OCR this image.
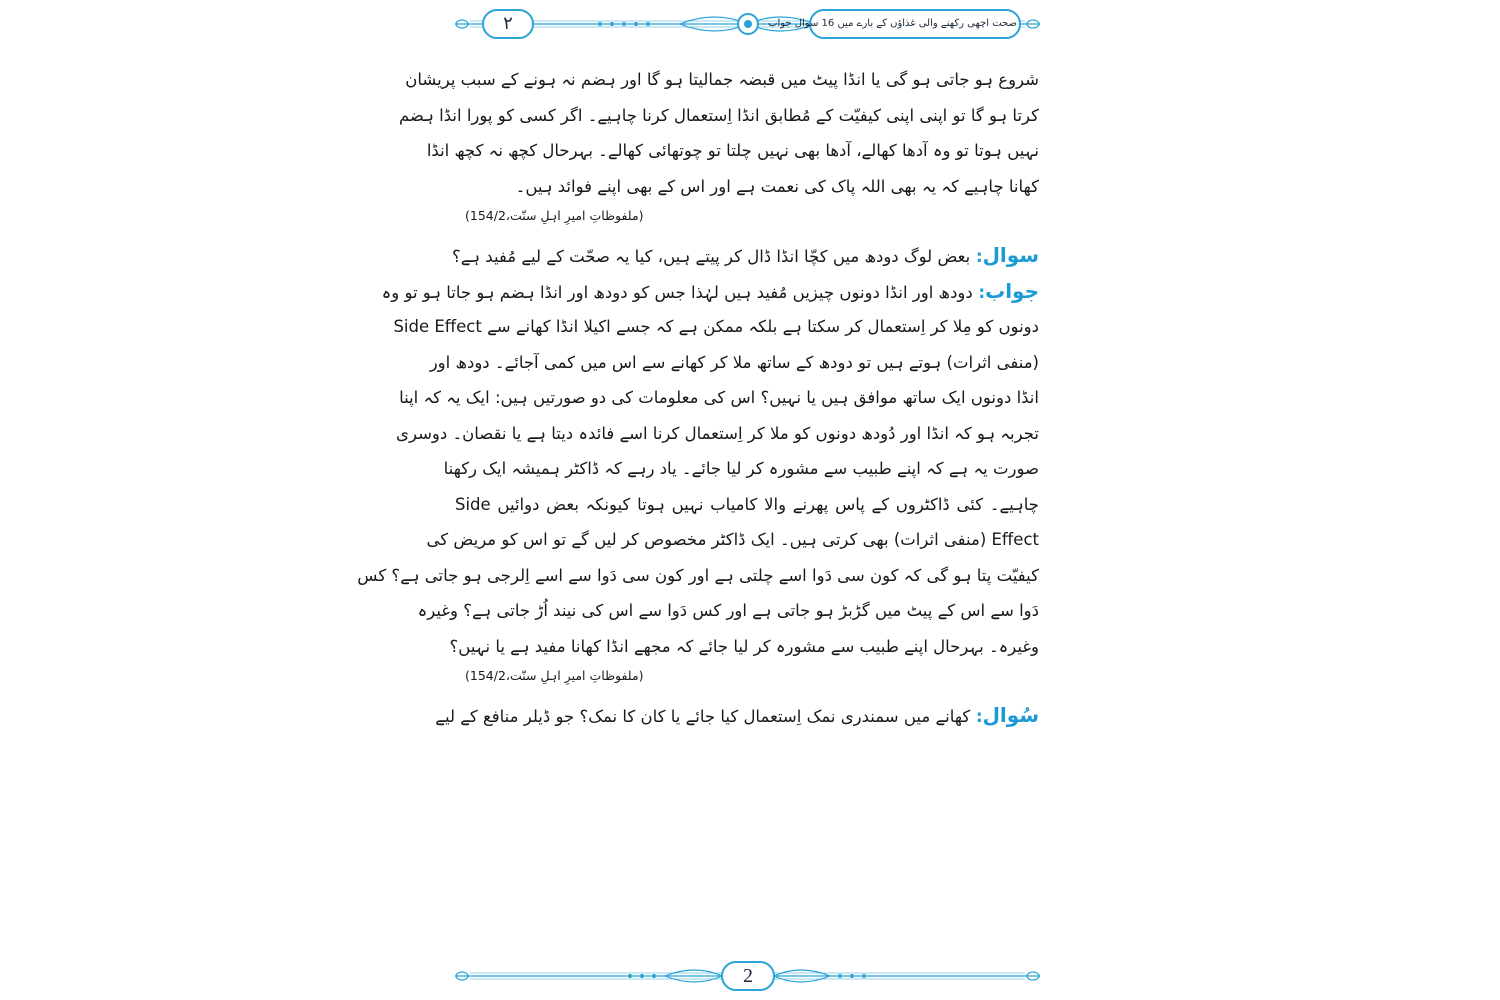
۲	صحت اچھی رکھنے والی غذاؤں کے بارے میں 16 سوال جواب
شروع ہو جاتی ہو گی یا انڈا پیٹ میں قبضہ جمالیتا ہو گا اور ہضم نہ ہونے کے سبب پریشان
کرتا ہو گا تو اپنی اپنی کیفیّت کے مُطابق انڈا اِستعمال کرنا چاہیے۔ اگر کسی کو پورا انڈا ہضم
نہیں ہوتا تو وہ آدھا کھالے، آدھا بھی نہیں چلتا تو چوتھائی کھالے۔ بہرحال کچھ نہ کچھ انڈا
کھانا چاہیے کہ یہ بھی اللہ پاک کی نعمت ہے اور اس کے بھی اپنے فوائد ہیں۔
(ملفوظاتِ امیرِ اہلِ سنّت،154/2)
سوال: بعض لوگ دودھ میں کچّا انڈا ڈال کر پیتے ہیں، کیا یہ صحّت کے لیے مُفید ہے؟
جواب: دودھ اور انڈا دونوں چیزیں مُفید ہیں لہٰذا جس کو دودھ اور انڈا ہضم ہو جاتا ہو تو وہ
دونوں کو مِلا کر اِستعمال کر سکتا ہے بلکہ ممکن ہے کہ جسے اکیلا انڈا کھانے سے Side Effect
(منفی اثرات) ہوتے ہیں تو دودھ کے ساتھ ملا کر کھانے سے اس میں کمی آجائے۔ دودھ اور
انڈا دونوں ایک ساتھ موافق ہیں یا نہیں؟ اس کی معلومات کی دو صورتیں ہیں: ایک یہ کہ اپنا
تجربہ ہو کہ انڈا اور دُودھ دونوں کو ملا کر اِستعمال کرنا اسے فائدہ دیتا ہے یا نقصان۔ دوسری
صورت یہ ہے کہ اپنے طبیب سے مشورہ کر لیا جائے۔ یاد رہے کہ ڈاکٹر ہمیشہ ایک رکھنا
چاہیے۔ کئی ڈاکٹروں کے پاس پھرنے والا کامیاب نہیں ہوتا کیونکہ بعض دوائیں Side
Effect (منفی اثرات) بھی کرتی ہیں۔ ایک ڈاکٹر مخصوص کر لیں گے تو اس کو مریض کی
کیفیّت پتا ہو گی کہ کون سی دَوا اسے چلتی ہے اور کون سی دَوا سے اسے اِلرجی ہو جاتی ہے؟ کس
دَوا سے اس کے پیٹ میں گڑبڑ ہو جاتی ہے اور کس دَوا سے اس کی نیند اُڑ جاتی ہے؟ وغیرہ
وغیرہ۔ بہرحال اپنے طبیب سے مشورہ کر لیا جائے کہ مجھے انڈا کھانا مفید ہے یا نہیں؟
(ملفوظاتِ امیرِ اہلِ سنّت،154/2)
سُوال: کھانے میں سمندری نمک اِستعمال کیا جائے یا کان کا نمک؟ جو ڈیلر منافع کے لیے
2
